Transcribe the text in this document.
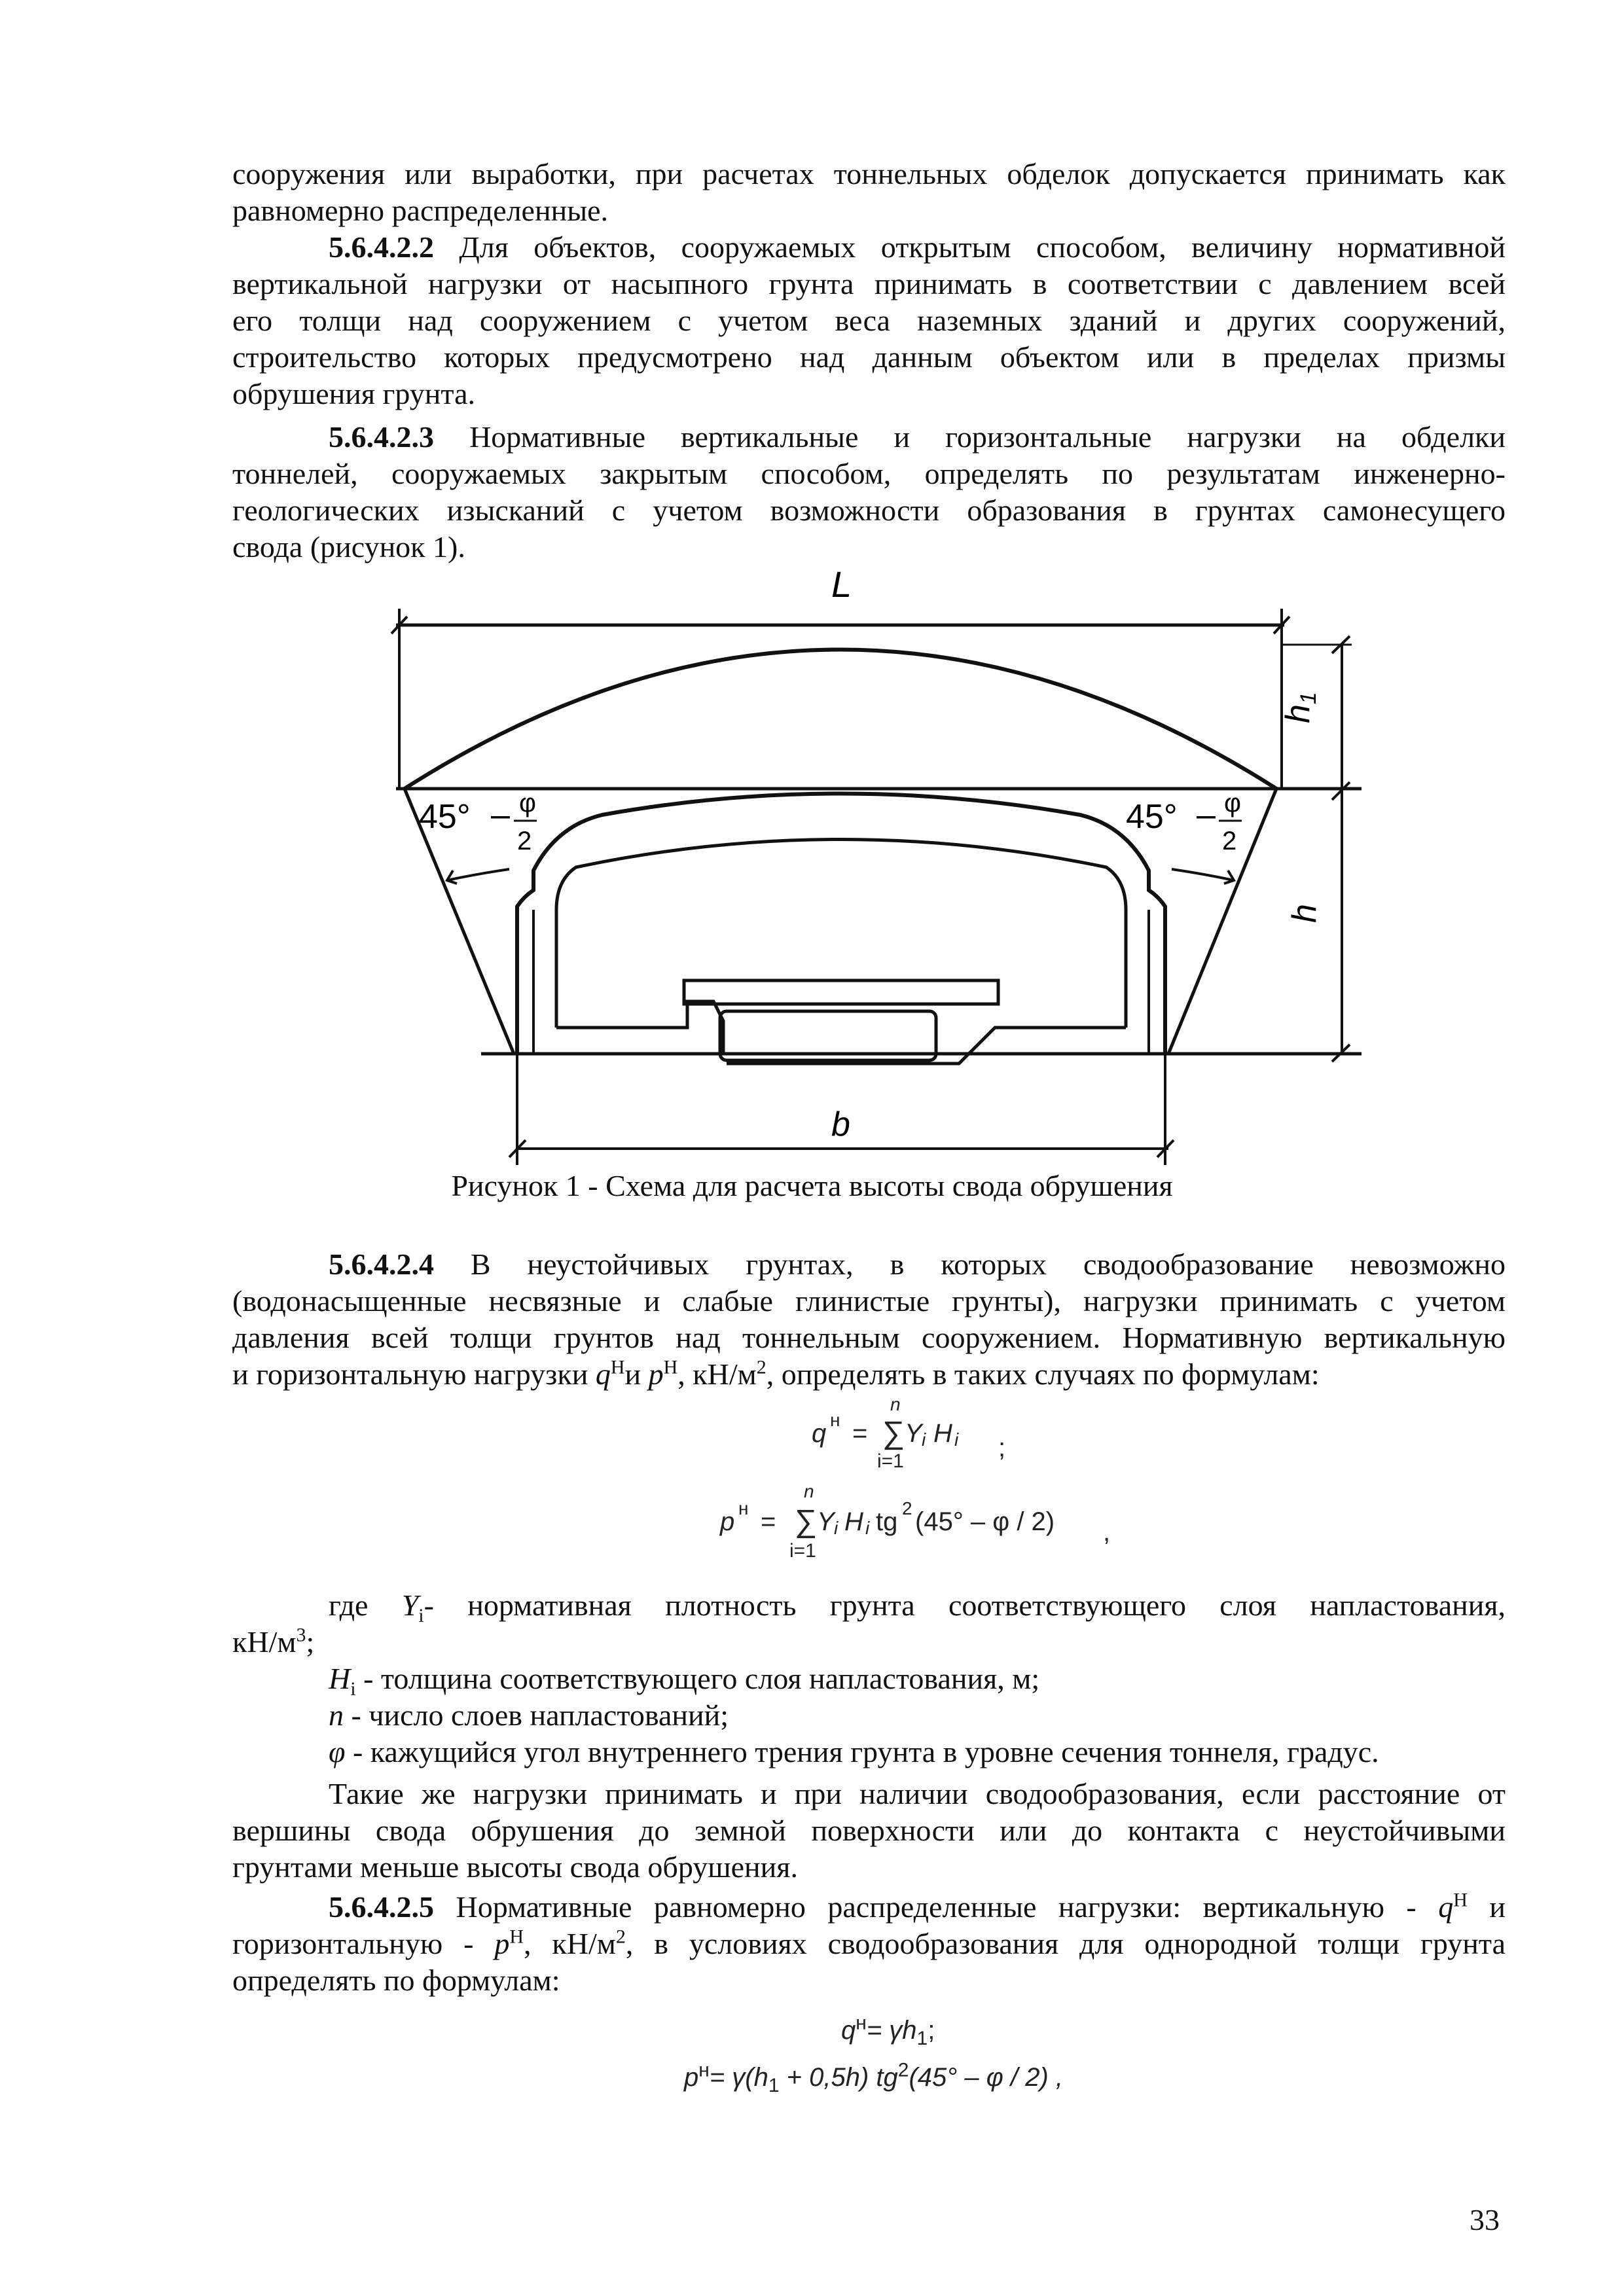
сооружения или выработки, при расчетах тоннельных обделок допускается принимать как
равномерно распределенные.
5.6.4.2.2 Для объектов, сооружаемых открытым способом, величину нормативной
вертикальной нагрузки от насыпного грунта принимать в соответствии с давлением всей
его толщи над сооружением с учетом веса наземных зданий и других сооружений,
строительство которых предусмотрено над данным объектом или в пределах призмы
обрушения грунта.
5.6.4.2.3 Нормативные вертикальные и горизонтальные нагрузки на обделки
тоннелей, сооружаемых закрытым способом, определять по результатам инженерно-
геологических изысканий с учетом возможности образования в грунтах самонесущего
свода (рисунок 1).
L
h1
h
b
45° – φ
2
45° – φ
2
Рисунок 1 - Схема для расчета высоты свода обрушения
5.6.4.2.4 В неустойчивых грунтах, в которых сводообразование невозможно
(водонасыщенные несвязные и слабые глинистые грунты), нагрузки принимать с учетом
давления всей толщи грунтов над тоннельным сооружением. Нормативную вертикальную
и горизонтальную нагрузки $q^Ни$ $p^Н$, $кН/м^2$, определять в таких случаях по формулам:
q н =
n
∑ Y i H i
i=1	;
p н =
n
∑ Y i H i tg 2 (45° – φ / 2)
i=1
,
где $Y_i-$ нормативная плотность грунта соответствующего слоя напластования,
$кН/м^3$;
$H_i$ - толщина соответствующего слоя напластования, м;
n - число слоев напластований;
φ - кажущийся угол внутреннего трения грунта в уровне сечения тоннеля, градус.
Такие же нагрузки принимать и при наличии сводообразования, если расстояние от
вершины свода обрушения до земной поверхности или до контакта с неустойчивыми
грунтами меньше высоты свода обрушения.
5.6.4.2.5 Нормативные равномерно распределенные нагрузки: вертикальную - $q^Н$ и
горизонтальную - $p^Н$, $кН/м^2$, в условиях сводообразования для однородной толщи грунта
определять по формулам:
$q^н= \gamma h_1$;
$p^н= \gamma(h_1 + 0,5h)$ $tg^2(45^\circ$ – φ / 2) ,
33
